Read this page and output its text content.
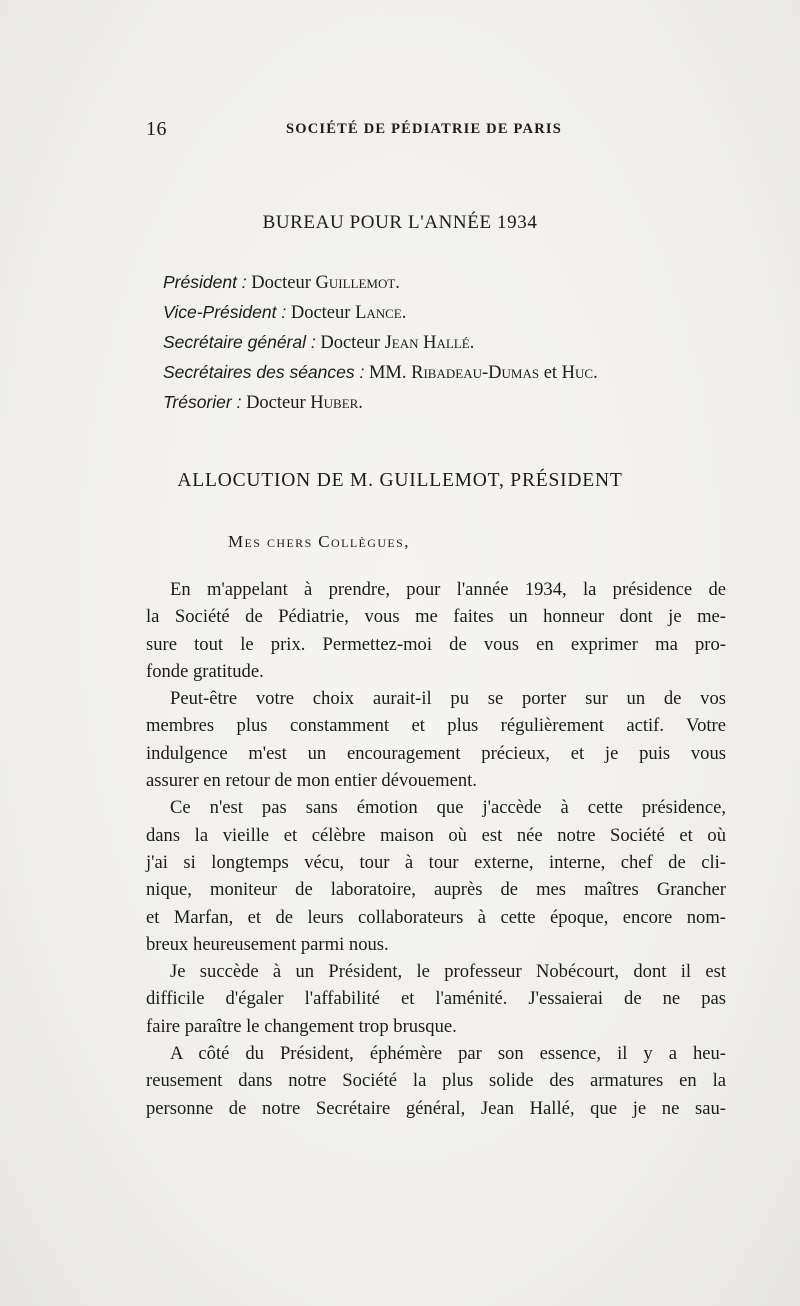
16	SOCIÉTÉ DE PÉDIATRIE DE PARIS
BUREAU POUR L'ANNÉE 1934
Président : Docteur Guillemot.
Vice-Président : Docteur Lance.
Secrétaire général : Docteur Jean Hallé.
Secrétaires des séances : MM. Ribadeau-Dumas et Huc.
Trésorier : Docteur Huber.
ALLOCUTION DE M. GUILLEMOT, PRÉSIDENT
Mes chers Collègues,
En m'appelant à prendre, pour l'année 1934, la présidence de
la Société de Pédiatrie, vous me faites un honneur dont je me-
sure tout le prix. Permettez-moi de vous en exprimer ma pro-
fonde gratitude.
Peut-être votre choix aurait-il pu se porter sur un de vos
membres plus constamment et plus régulièrement actif. Votre
indulgence m'est un encouragement précieux, et je puis vous
assurer en retour de mon entier dévouement.
Ce n'est pas sans émotion que j'accède à cette présidence,
dans la vieille et célèbre maison où est née notre Société et où
j'ai si longtemps vécu, tour à tour externe, interne, chef de cli-
nique, moniteur de laboratoire, auprès de mes maîtres Grancher
et Marfan, et de leurs collaborateurs à cette époque, encore nom-
breux heureusement parmi nous.
Je succède à un Président, le professeur Nobécourt, dont il est
difficile d'égaler l'affabilité et l'aménité. J'essaierai de ne pas
faire paraître le changement trop brusque.
A côté du Président, éphémère par son essence, il y a heu-
reusement dans notre Société la plus solide des armatures en la
personne de notre Secrétaire général, Jean Hallé, que je ne sau-
